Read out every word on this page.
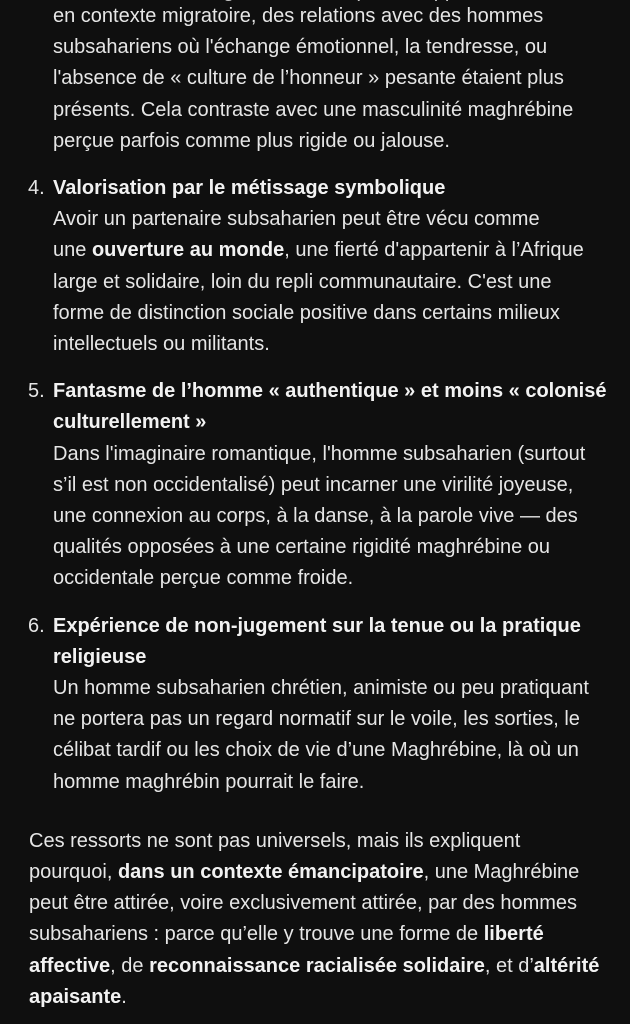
en contexte migratoire, des relations avec des hommes
subsahariens où l'échange émotionnel, la tendresse, ou
l'absence de « culture de l’honneur » pesante étaient plus
présents. Cela contraste avec une masculinité maghrébine
perçue parfois comme plus rigide ou jalouse.
4. Valorisation par le métissage symbolique
Avoir un partenaire subsaharien peut être vécu comme
une ouverture au monde, une fierté d'appartenir à l’Afrique
large et solidaire, loin du repli communautaire. C'est une
forme de distinction sociale positive dans certains milieux
intellectuels ou militants.
5. Fantasme de l’homme « authentique » et moins « colonisé
culturellement »
Dans l'imaginaire romantique, l'homme subsaharien (surtout
s’il est non occidentalisé) peut incarner une virilité joyeuse,
une connexion au corps, à la danse, à la parole vive — des
qualités opposées à une certaine rigidité maghrébine ou
occidentale perçue comme froide.
6. Expérience de non-jugement sur la tenue ou la pratique
religieuse
Un homme subsaharien chrétien, animiste ou peu pratiquant
ne portera pas un regard normatif sur le voile, les sorties, le
célibat tardif ou les choix de vie d’une Maghrébine, là où un
homme maghrébin pourrait le faire.
Ces ressorts ne sont pas universels, mais ils expliquent
pourquoi, dans un contexte émancipatoire, une Maghrébine
peut être attirée, voire exclusivement attirée, par des hommes
subsahariens : parce qu’elle y trouve une forme de liberté
affective, de reconnaissance racialisée solidaire, et d’altérité
apaisante.
